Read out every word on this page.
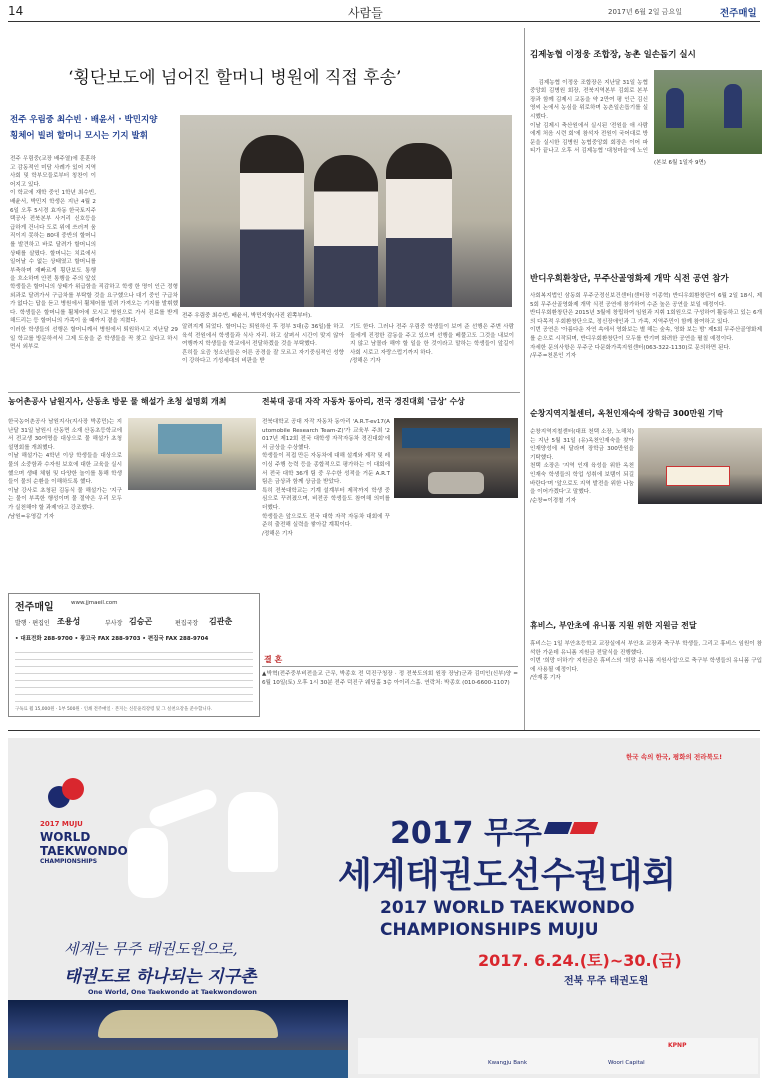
14	사람들	2017년 6월 2일 금요일	전주매일
‘횡단보도에 넘어진 할머니 병원에 직접 후송’
전주 우림중 최수빈 · 배윤서 · 박민지양
횡체어 빌려 할머니 모시는 기지 발휘
전주 우림중(교장 배주열)에 훈훈하고 감동적인 미담 사례가 있어 지역사회 및 학부모들로부터 칭찬이 이어지고 있다.
이 학교에 재학 중인 1학년 최수빈, 배윤서, 박민지 학생은 지난 4월 26일 오후 5시경 효자동 한국토지주택공사 전북본부 사거리 신호등을 급하게 건너다 도로 위에 쓰러져 움직이지 못하는 80대 중반의 할머니를 발견하고 바로 달려가 할머니의 상태를 살폈다. 할머니는 치료에서 일어날 수 없는 상태였고 할머니를 부축하며 재빠르게 횡단보도 통행을 흐소하며 안전 통행을 주의 앞섰
학생들은 할머니의 상태가 위급함을 직감하고 학생 한 명이 인근 정형외과로 달려가서 구급차를 부탁할 것을 요구했으나 대기 중인 구급차가 없다는 답을 듣고 병원에서 휠체어를 빌려 가져오는 기지를 발휘했다. 학생들은 할머니를 휠체어에 모시고 병원으로 가서 진료를 받게 해드리는 등 할머니의 가족이 올 때까지 곁을 지켰다.
이러한 학생들의 선행은 할머니께서 병원에서 퇴원하시고 지난달 29일 학교를 방문하셔서 그제 도움을 준 학생들을 꼭 찾고 싶다고 하시면서 외부로
전주 우림중 최수빈, 배윤서, 박민지양(사진 왼쪽부터).
알려지게 되었다. 할머니는 퇴원하신 후 정부 3대(총 36일)를 하고 육석 전원에서 학생들과 식사 자리. 하고 살펴서 시간이 맞지 않아 여행까지 학생들을 학교에서 전달하겠을 것을 부탁했다.
흔히들 요즘 청소년들은 어른 공경을 잘 모르고 자기중심적인 성향이 강하다고 기성세대의 비판을 받
기도 한다. 그러나 전주 우림중 학생들이 보여 준 선행은 주변 사람들에게 진정한 감동을 주고 있으며 선행을 베풀고도 그것을 내보이지 않고 남몰라 해야 할 일을 한 것이라고 말하는 학생들이 앞길이 사회 시로고 자랑스럽기까지 하다.
/정해은 기자
김제농협 이정웅 조합장, 농촌 일손돕기 실시

김제농협 이정웅 조합장은 지난달 31일 농협중앙회 김병원 회장, 전북지역본부 김회로 본부장과 함께 김제시 교동을 약 2만여 평 인근 김신영씨 논에서 농심을 위로하며 농촌일손돕기를 실시했다.
이날 김제시 축산원에서 실시된 '전원을 애 사람에게 처음 시련 회'에 참석자 전원이 국어대로 방문을 실시한 김병원 농협중앙회 회장은 이어 파티가 끝나고 오후 서 김제농협 '대청마을'에 노인

(본보 6월 1일자 9면)
반디우회환창단, 무주산골영화제 개막 식전 공연 참가
사회복지법인 삼동회 무주군정신보건센터(센터장 이종혁) 반디우회환창단이 6월 2일 18시, 제5회 무주산골영화제 개막 식전 공연에 참가하여 수준 높은 공연을 보일 예정이다.
반디우회환창단은 2015년 3월에 창립하여 임원과 지휘 1회원으로 구성하여 활동하고 있는 6개의 다목적 우회환창단으로, 정신장애인과 그 가족, 지역주민이 함께 참여하고 있다.
이번 공연은 '아름다운 자연 속에서 영화보는 별 해는 숲속, 영화 보는 밤' 제5회 무주산골영화제를 순으로 시작되며, 반디우회환창단이 모두를 반기며 화려한 공연을 펼칠 예정이다.
자세한 문의사항은 무주군 다문화가족지원센터(063-322-1130)로 문의하면 된다.
/무주=천론인 기자
농어촌공사 남원지사, 산동초 방문 물 해설가 초청 설명회 개최
한국농어촌공사 남원지사(지사장 박종민)는 지난달 31일 남원시 산동면 소재 산동초등학교에서 전교생 30여명을 대상으로 물 해설가 초청 설명회를 개최했다.
이날 해설가는 4학년 이상 학생들을 대상으로 물의 소중함과 수자원 보호에 대한 교육을 실시했으며 생태 체험 및 다양한 놀이를 통해 학생들이 물의 순환을 이해하도록 했다.
이날 강사로 초청된 김동식 물 해설가는 '지구는 물이 부족한 행성이며 물 절약은 우리 모두가 실천해야 할 과제'라고 강조했다.
/남원=유영갑 기자
전주매일	www.jjmaeil.com
발행 · 편집인 조용성	부사장 김승곤	편집국장 김관춘
• 대표전화 288-9700 • 광고국 FAX 288-9703 • 편집국 FAX 288-9704
구독료 월 15,000원 · 1부 500원 · 인쇄 전주매일 · 본지는 신문윤리강령 및 그 실천요강을 준수합니다.
전북대 공대 자작 자동차 동아리, 전국 경진대회 '금상' 수상
전북대학교 공대 자작 자동차 동아리 'A.R.T-ev17(Automobile Research Team-Z)'가 교육부 주최 '2017년 제12회 전국 대학생 자작자동차 경진대회'에서 금상을 수상했다.
학생들이 직접 만든 자동차에 대해 설계와 제작 및 레이싱 주행 능력 등을 종합적으로 평가하는 이 대회에서 전국 대학 36개 팀 중 우수한 성적을 거둔 A.R.T 팀은 금상과 함께 상금을 받았다.
특히 전북대학교는 기계 설계부터 제작까지 학생 중심으로 꾸려졌으며, 비전공 학생들도 참여해 의미를 더했다.
학생들은 앞으로도 전국 대학 자작 자동차 대회에 꾸준히 출전해 실력을 쌓아갈 계획이다.
/정해은 기자
결 혼
▲박혁(전주중부비전을교 근무, 박종호 전 덕진구청장 · 정 전북도의회 원장 장남)군과 김미인(신부)양 = 6월 10일(토) 오후 1시 30분 전주 덕진구 웨딩홀 3층 아이리스홀. 연락처: 박종호 (010-6600-1107)
순창지역지철센터, 옥천인재숙에 장학금 300만원 기탁
순창지역지철센터(대표 천택 소장, 노해치)는 지난 5월 31일 (유)옥천인재숙을 찾아 인재양성에 써 달라며 장학금 300만원을 기탁했다.
천택 소장은 '지역 인재 육성을 위한 옥천인재숙 학생들의 학업 성취에 보탬이 되길 바란다'며 '앞으로도 지역 발전을 위한 나눔을 이어가겠다'고 말했다.
/순창=이경철 기자
휴비스, 부안초에 유니폼 지원 위한 지원금 전달
휴비스는 1일 부안초등학교 교장실에서 부안초 교장과 축구부 학생들, 그리고 휴비스 임원이 참석한 가운데 유니폼 지원금 전달식을 진행했다.
이번 '희망 더하기' 지원금은 휴비스의 '희망 유니폼 지원사업'으로 축구부 학생들의 유니폼 구입에 사용될 예정이다.
/안재홍 기자
한국 속의 한국, 평화의 전라북도!
2017 MUJU
WORLD
TAEKWONDO
CHAMPIONSHIPS
세계는 무주 태권도원으로,
태권도로 하나되는 지구촌
One World, One Taekwondo at Taekwondowon
2017 무주
세계태권도선수권대회
2017 WORLD TAEKWONDO
CHAMPIONSHIPS MUJU
2017. 6.24.(토)~30.(금)
전북 무주 태권도원
KPNP
Kwangju Bank	Woori Capital
